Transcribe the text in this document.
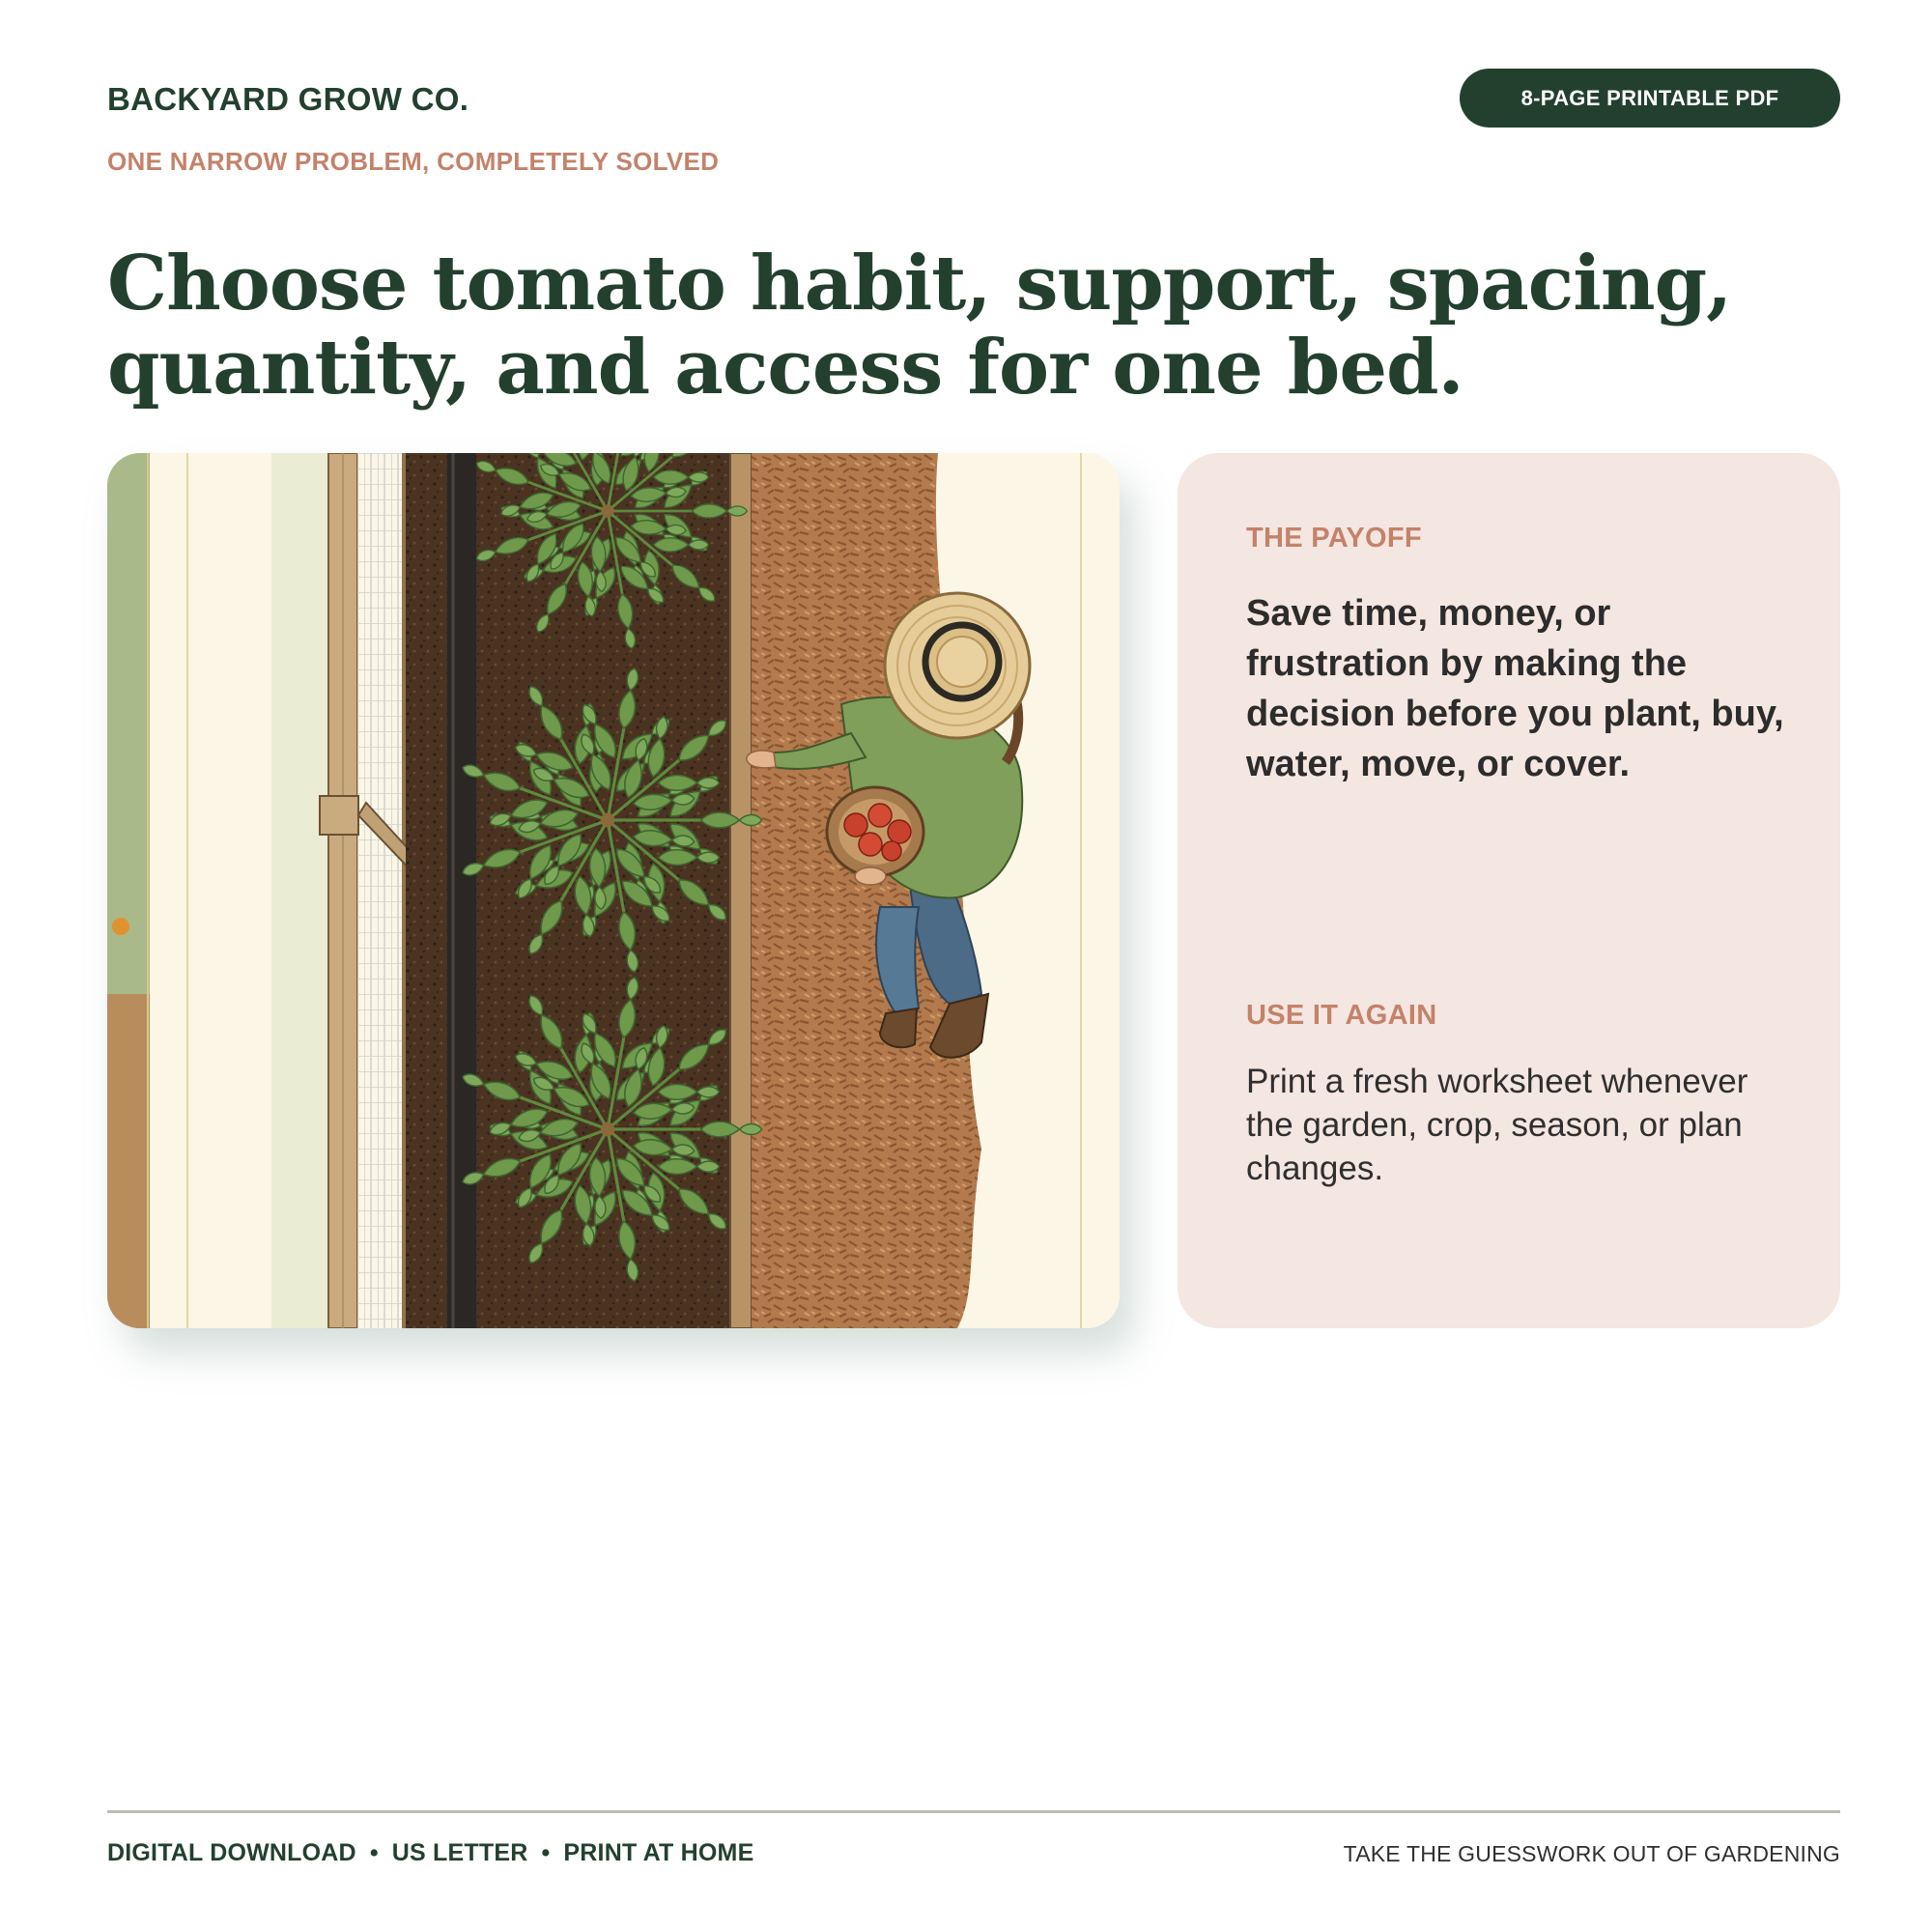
BACKYARD GROW CO.
ONE NARROW PROBLEM, COMPLETELY SOLVED
8-PAGE PRINTABLE PDF
Choose tomato habit, support, spacing,
quantity, and access for one bed.
THE PAYOFF

Save time, money, or frustration by making the decision before you plant, buy, water, move, or cover.

USE IT AGAIN

Print a fresh worksheet whenever the garden, crop, season, or plan changes.

DIGITAL DOWNLOAD • US LETTER • PRINT AT HOME	TAKE THE GUESSWORK OUT OF GARDENING
